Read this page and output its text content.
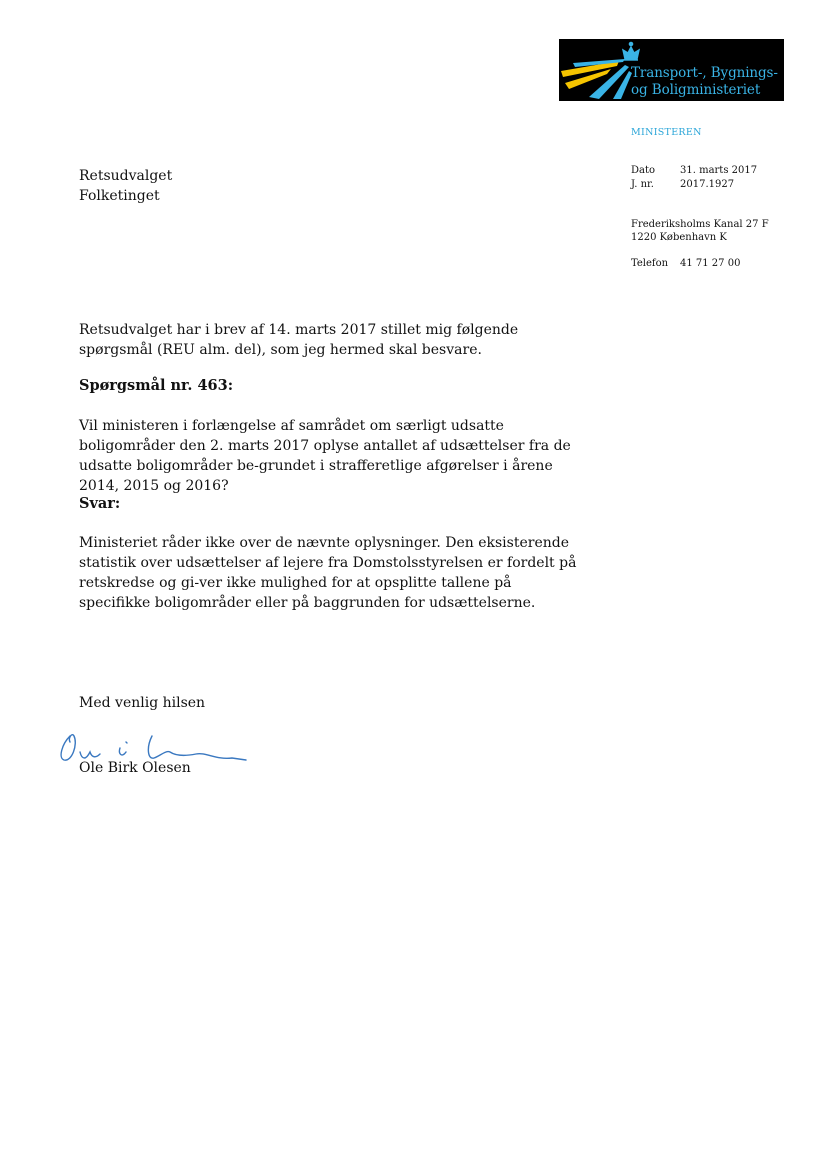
Transport-, Bygnings-
og Boligministeriet
MINISTEREN
Dato 31. marts 2017
J. nr.	2017.1927
Frederiksholms Kanal 27 F
1220 København K
Telefon 41 71 27 00
Retsudvalget
Folketinget
Retsudvalget har i brev af 14. marts 2017 stillet mig følgende spørgsmål (REU alm. del), som jeg hermed skal besvare.
Spørgsmål nr. 463:
Vil ministeren i forlængelse af samrådet om særligt udsatte boligområder den 2. marts 2017 oplyse antallet af udsættelser fra de udsatte boligområder be-grundet i strafferetlige afgørelser i årene 2014, 2015 og 2016?
Svar:
Ministeriet råder ikke over de nævnte oplysninger. Den eksisterende statistik over udsættelser af lejere fra Domstolsstyrelsen er fordelt på retskredse og gi-ver ikke mulighed for at opsplitte tallene på specifikke boligområder eller på baggrunden for udsættelserne.
Med venlig hilsen
Ole Birk Olesen
